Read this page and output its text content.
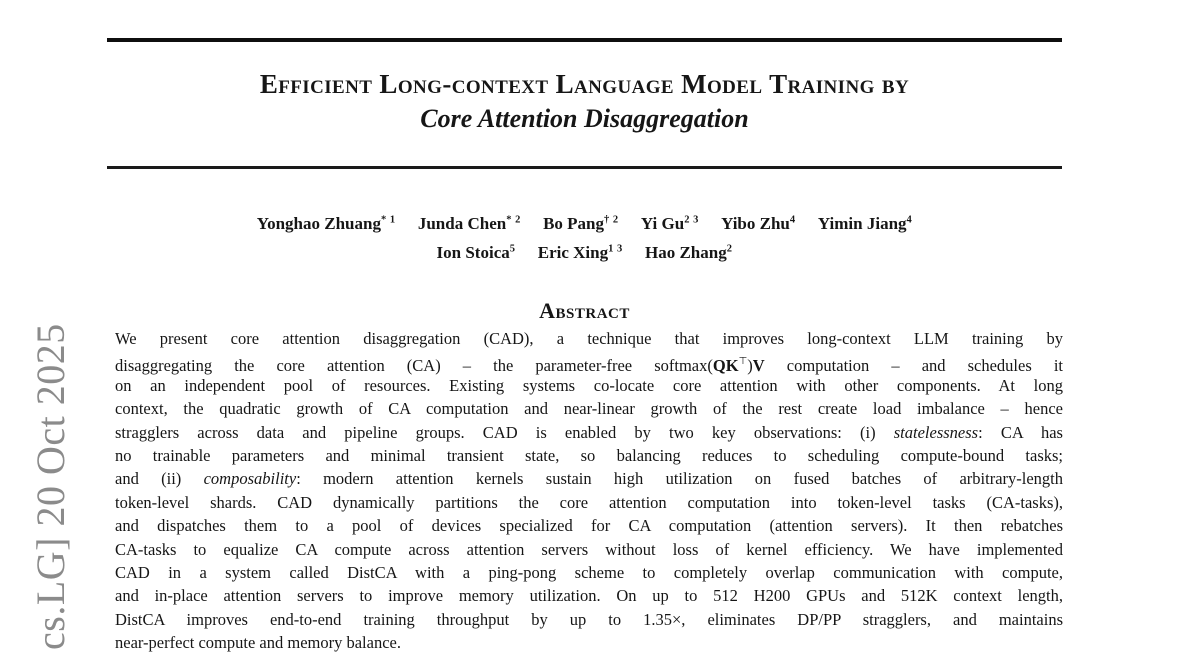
cs.LG] 20 Oct 2025
Efficient Long-context Language Model Training by
Core Attention Disaggregation
Yonghao Zhuang$^{* 1}$ Junda Chen$^{* 2}$ Bo Pang$^{\dagger 2}$ Yi $Gu^{2 3}$ Yibo Zhu$^4$ Yimin Jiang$^4$
Ion Stoica$^5$ Eric Xing$^{1 3}$ Hao Zhang$^2$
Abstract
We present core attention disaggregation (CAD), a technique that improves long-context LLM training by
disaggregating the core attention (CA) – the parameter-free softmax(QK⊤)V computation – and schedules it
on an independent pool of resources. Existing systems co-locate core attention with other components. At long
context, the quadratic growth of CA computation and near-linear growth of the rest create load imbalance – hence
stragglers across data and pipeline groups. CAD is enabled by two key observations: (i) statelessness: CA has
no trainable parameters and minimal transient state, so balancing reduces to scheduling compute-bound tasks;
and (ii) composability: modern attention kernels sustain high utilization on fused batches of arbitrary-length
token-level shards. CAD dynamically partitions the core attention computation into token-level tasks (CA-tasks),
and dispatches them to a pool of devices specialized for CA computation (attention servers). It then rebatches
CA-tasks to equalize CA compute across attention servers without loss of kernel efficiency. We have implemented
CAD in a system called DistCA with a ping-pong scheme to completely overlap communication with compute,
and in-place attention servers to improve memory utilization. On up to 512 H200 GPUs and 512K context length,
DistCA improves end-to-end training throughput by up to 1.35×, eliminates DP/PP stragglers, and maintains
near-perfect compute and memory balance.
